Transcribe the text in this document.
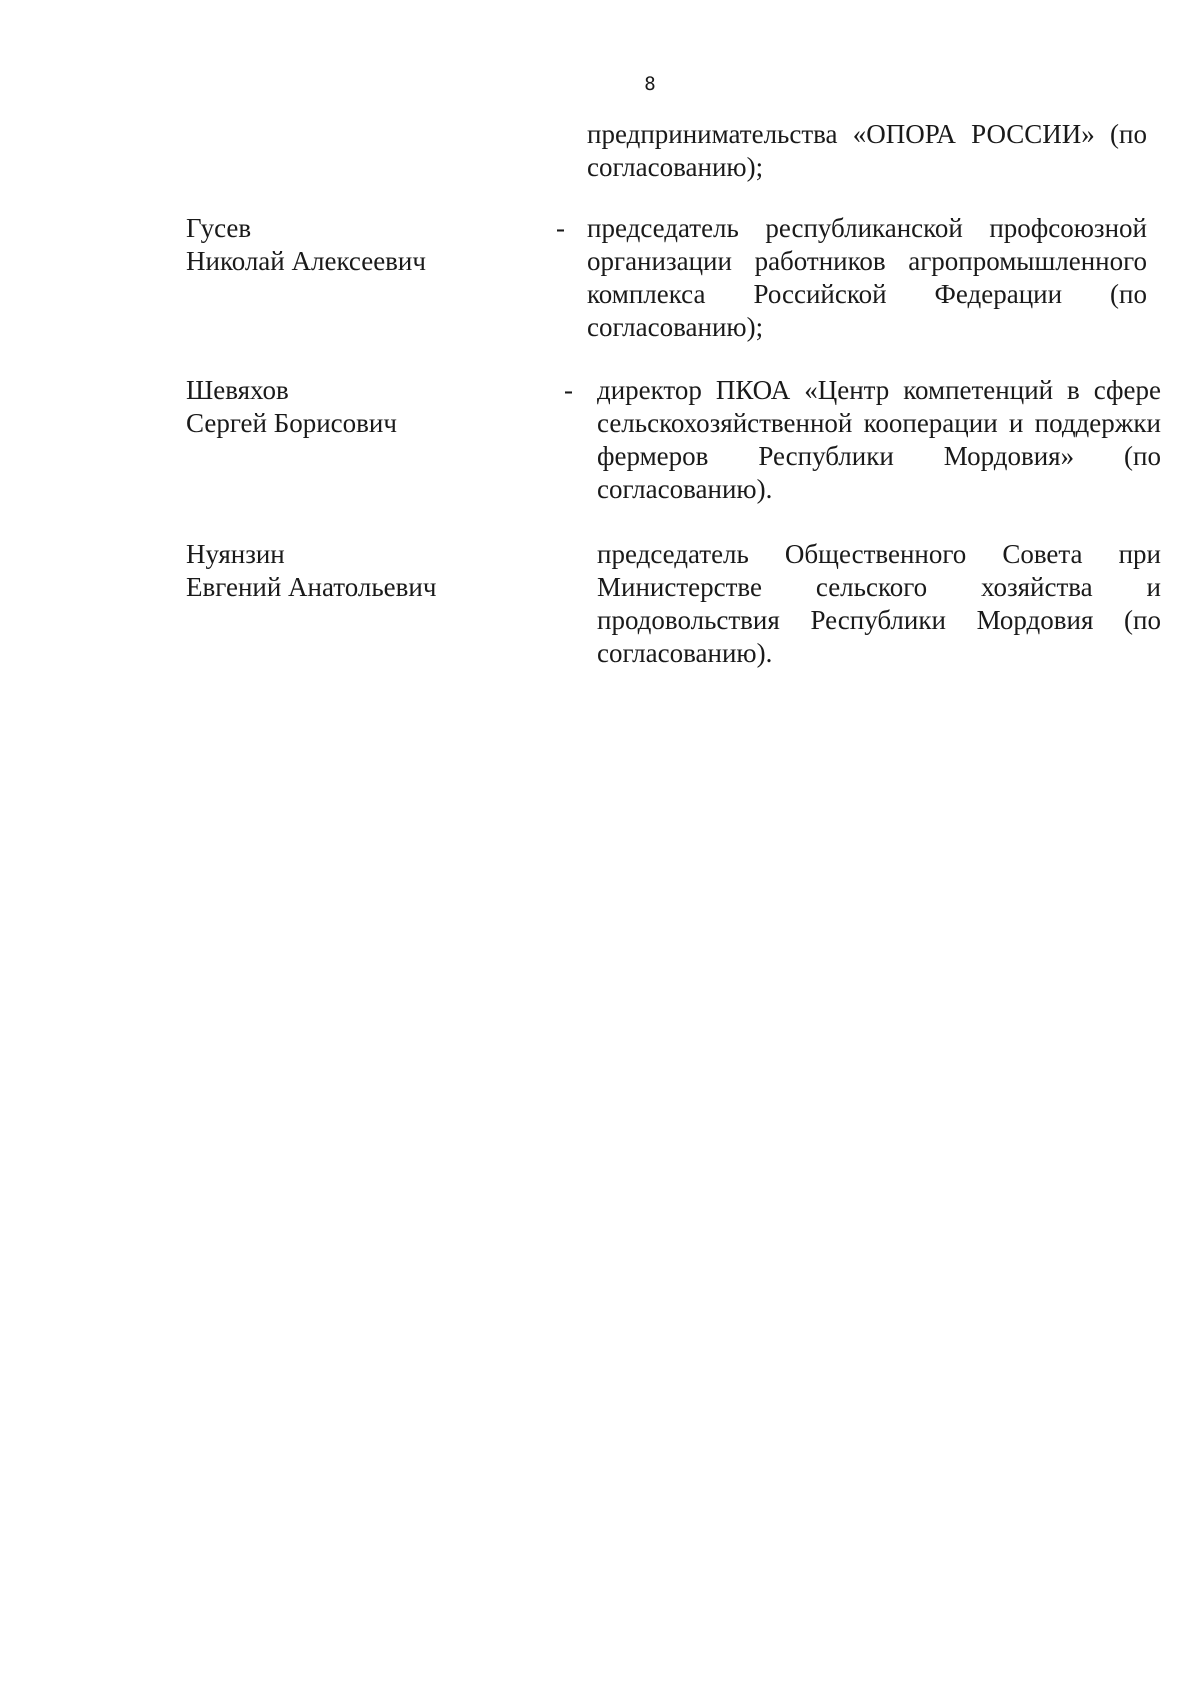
8
предпринимательства «ОПОРА РОССИИ» (по согласованию);
Гусев
Николай Алексеевич
- председатель республиканской профсоюзной организации работников агропромышленного комплекса Российской Федерации (по согласованию);
Шевяхов
Сергей Борисович
- директор ПКОА «Центр компетенций в сфере сельскохозяйственной кооперации и поддержки фермеров Республики Мордовия» (по согласованию).
Нуянзин
Евгений Анатольевич
председатель Общественного Совета при Министерстве сельского хозяйства и продовольствия Республики Мордовия (по согласованию).
